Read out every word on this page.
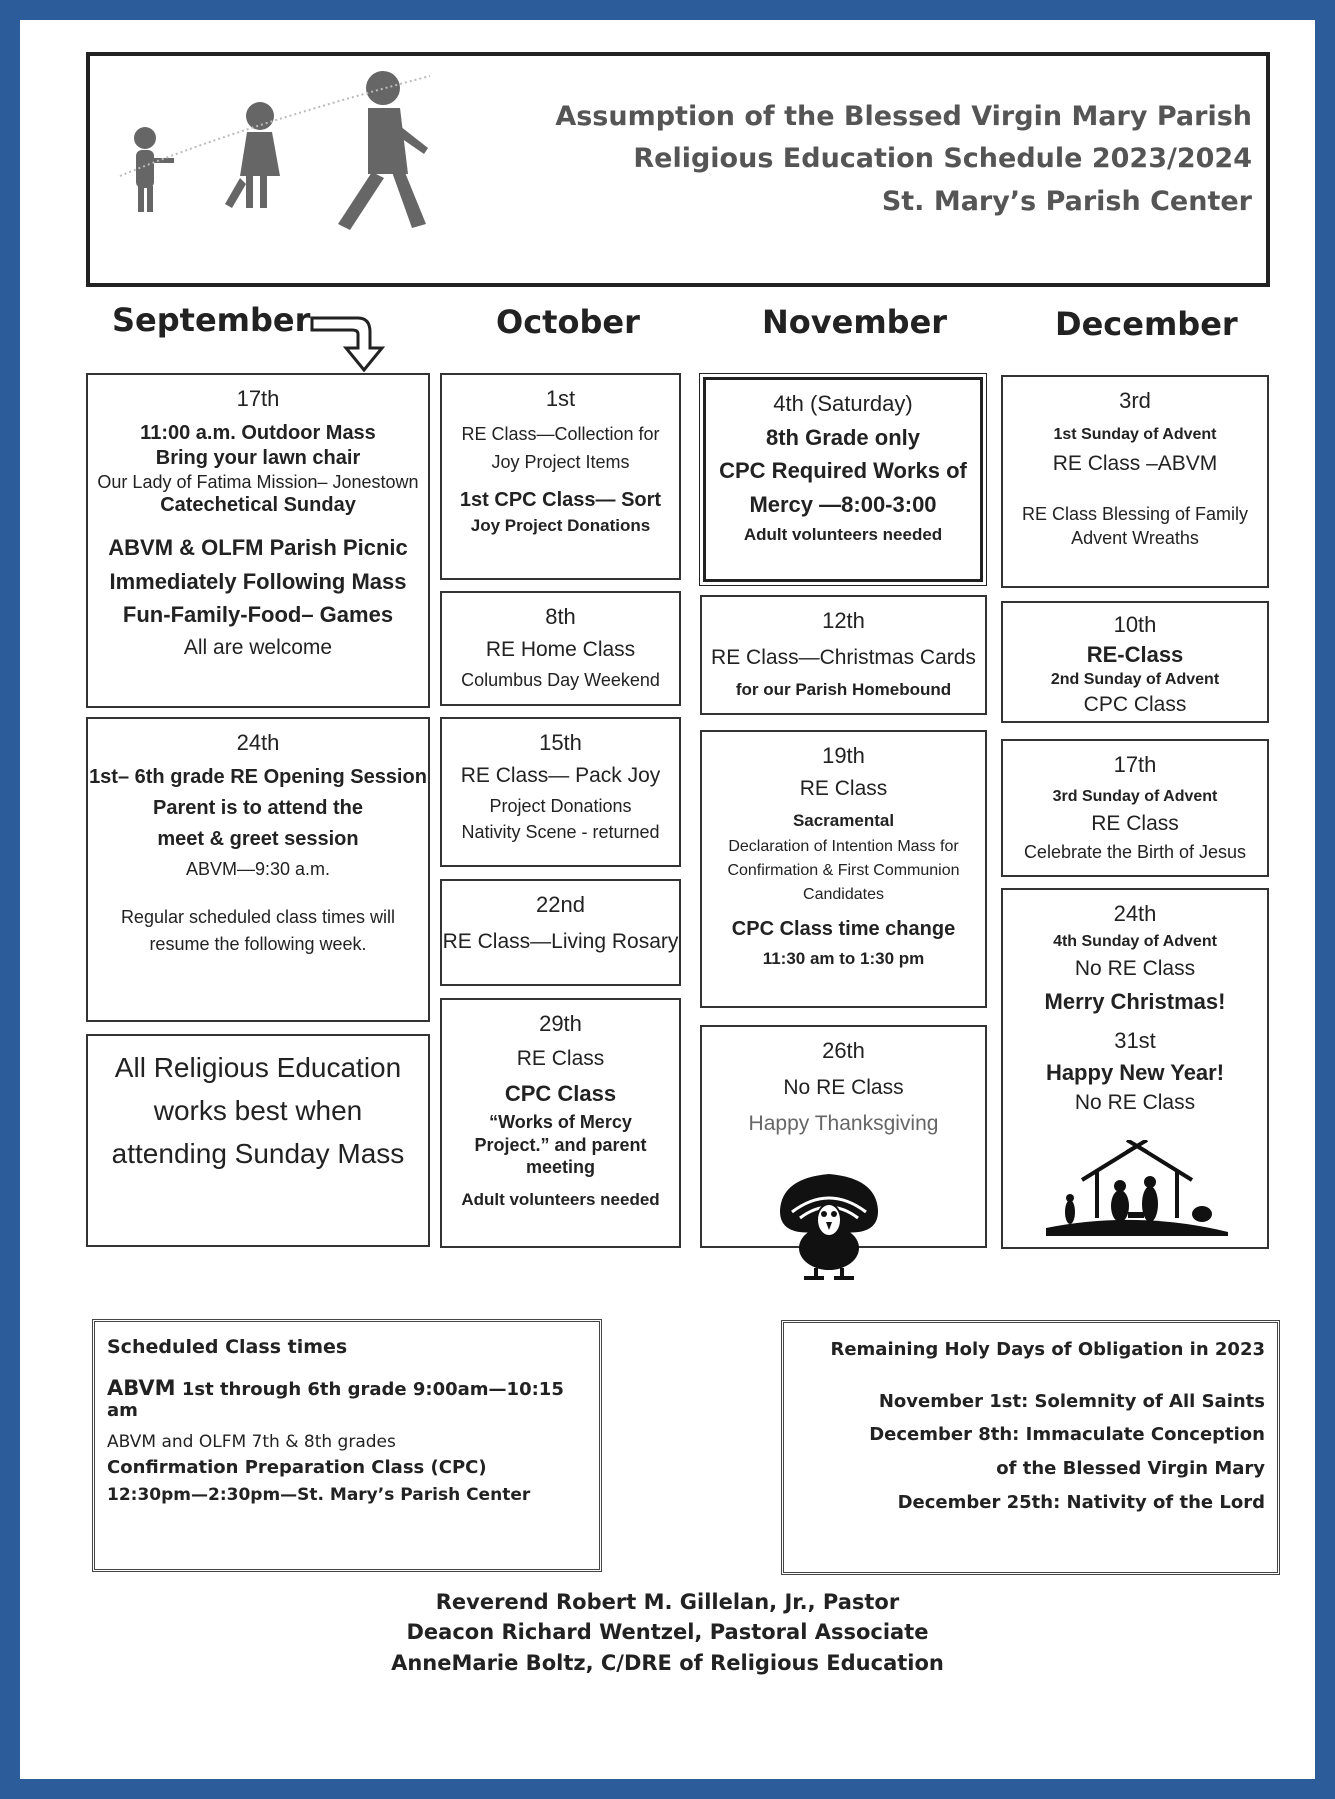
Assumption of the Blessed Virgin Mary Parish
Religious Education Schedule 2023/2024
St. Mary’s Parish Center
September	October	November	December

17th

11:00 a.m. Outdoor Mass

Bring your lawn chair

Our Lady of Fatima Mission– Jonestown

Catechetical Sunday

ABVM & OLFM Parish Picnic

Immediately Following Mass

Fun-Family-Food– Games

All are welcome

24th

1st– 6th grade RE Opening Session

Parent is to attend the

meet & greet session

ABVM—9:30 a.m.

Regular scheduled class times will

resume the following week.

All Religious Education

works best when

attending Sunday Mass

1st

RE Class—Collection for

Joy Project Items

1st CPC Class— Sort

Joy Project Donations

8th

RE Home Class

Columbus Day Weekend

15th

RE Class— Pack Joy

Project Donations

Nativity Scene - returned

22nd

RE Class—Living Rosary

29th

RE Class

CPC Class

“Works of Mercy

Project.” and parent

meeting

Adult volunteers needed

4th (Saturday)

8th Grade only

CPC Required Works of

Mercy —8:00-3:00

Adult volunteers needed

12th

RE Class—Christmas Cards

for our Parish Homebound

19th

RE Class

Sacramental

Declaration of Intention Mass for

Confirmation & First Communion

Candidates

CPC Class time change

11:30 am to 1:30 pm

26th

No RE Class

Happy Thanksgiving

3rd

1st Sunday of Advent

RE Class –ABVM

RE Class Blessing of Family

Advent Wreaths

10th

RE-Class

2nd Sunday of Advent

CPC Class

17th

3rd Sunday of Advent

RE Class

Celebrate the Birth of Jesus

24th

4th Sunday of Advent

No RE Class

Merry Christmas!

31st

Happy New Year!

No RE Class

Scheduled Class times

ABVM 1st through 6th grade 9:00am—10:15 am

ABVM and OLFM 7th & 8th grades

Confirmation Preparation Class (CPC)

12:30pm—2:30pm—St. Mary’s Parish Center

Remaining Holy Days of Obligation in 2023

November 1st: Solemnity of All Saints

December 8th: Immaculate Conception

of the Blessed Virgin Mary

December 25th: Nativity of the Lord

Reverend Robert M. Gillelan, Jr., Pastor
Deacon Richard Wentzel, Pastoral Associate
AnneMarie Boltz, C/DRE of Religious Education
